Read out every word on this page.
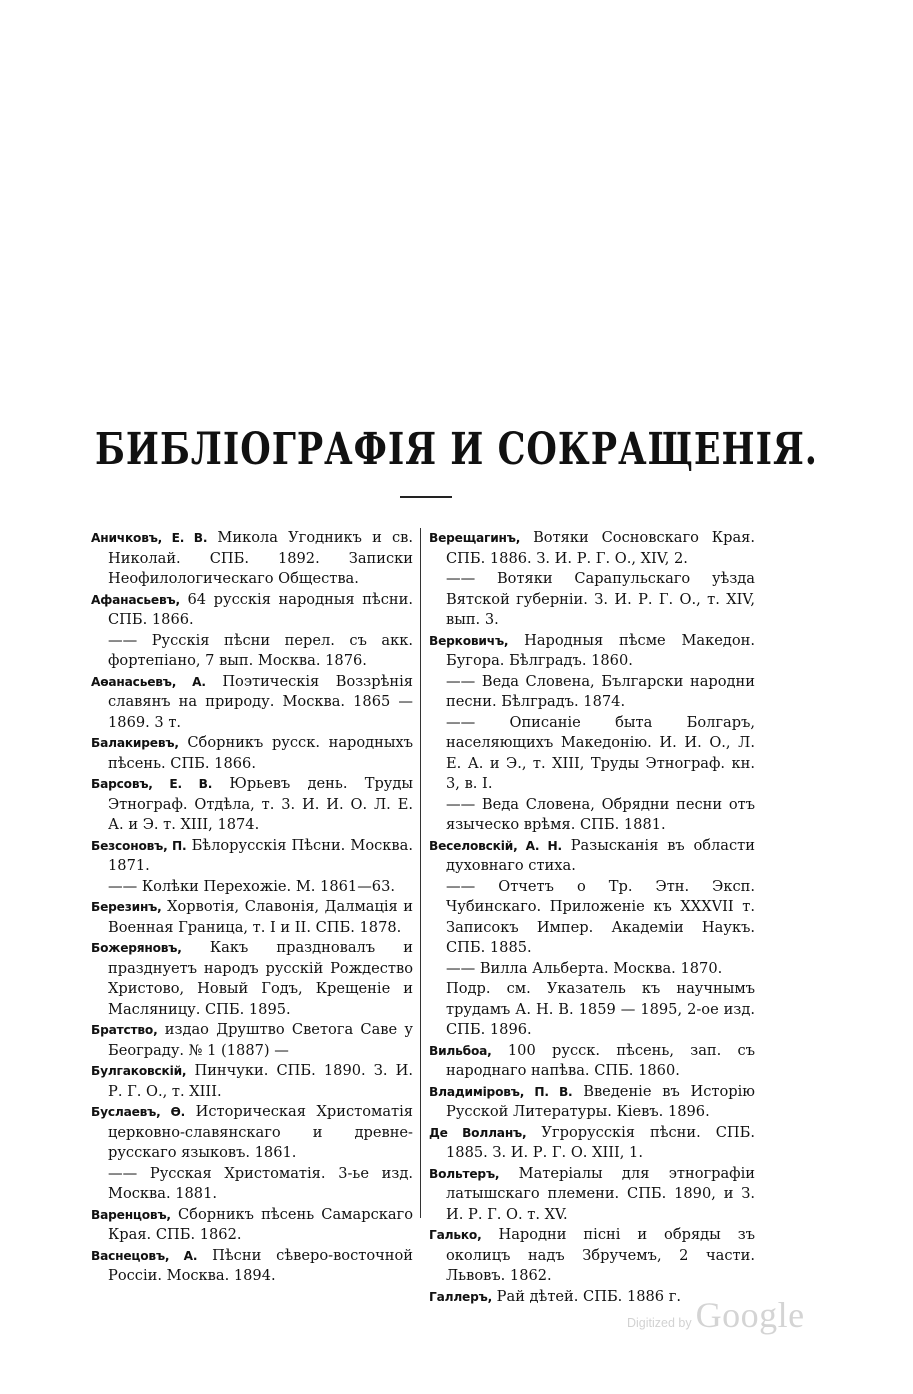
БИБЛІОГРАФІЯ И СОКРАЩЕНІЯ.

Аничковъ, Е. В. Микола Угодникъ и св. Николай. СПБ. 1892. Записки Неофилологическаго Общества.

Афанасьевъ, 64 русскія народныя пѣсни. СПБ. 1866.

—— Русскія пѣсни перел. съ акк. фортепіано, 7 вып. Москва. 1876.

Аѳанасьевъ, А. Поэтическія Воззрѣнія славянъ на природу. Москва. 1865 — 1869. 3 т.

Балакиревъ, Сборникъ русск. народныхъ пѣсень. СПБ. 1866.

Барсовъ, Е. В. Юрьевъ день. Труды Этнограф. Отдѣла, т. 3. И. И. О. Л. Е. А. и Э. т. XIII, 1874.

Безсоновъ, П. Бѣлорусскія Пѣсни. Москва. 1871.

—— Колѣки Перехожіе. М. 1861—63.

Березинъ, Хорвотія, Славонія, Далмація и Военная Граница, т. I и II. СПБ. 1878.

Божеряновъ, Какъ праздновалъ и празднуетъ народъ русскій Рождество Христово, Новый Годъ, Крещеніе и Масляницу. СПБ. 1895.

Братство, издао Друштво Светога Саве у Београду. № 1 (1887) —

Булгаковскій, Пинчуки. СПБ. 1890. З. И. Р. Г. О., т. XIII.

Буслаевъ, Ѳ. Историческая Христоматія церковно-славянскаго и древне-русскаго языковъ. 1861.

—— Русская Христоматія. 3-ье изд. Москва. 1881.

Варенцовъ, Сборникъ пѣсень Самарскаго Края. СПБ. 1862.

Васнецовъ, А. Пѣсни сѣверо-восточной Россіи. Москва. 1894.

Верещагинъ, Вотяки Сосновскаго Края. СПБ. 1886. З. И. Р. Г. О., XIV, 2.

—— Вотяки Сарапульскаго уѣзда Вятской губерніи. З. И. Р. Г. О., т. XIV, вып. 3.

Верковичъ, Народныя пѣсме Македон. Бугора. Бѣлградъ. 1860.

—— Веда Словена, Български народни песни. Бѣлградъ. 1874.

—— Описаніе быта Болгаръ, населяющихъ Македонію. И. И. О., Л. Е. А. и Э., т. XIII, Труды Этнограф. кн. 3, в. I.

—— Веда Словена, Обрядни песни отъ язычеcко врѣмя. СПБ. 1881.

Веселовскій, А. Н. Разысканія въ области духовнаго стиха.

—— Отчетъ о Тр. Этн. Эксп. Чубинскаго. Приложеніе къ XXXVII т. Записокъ Импер. Академіи Наукъ. СПБ. 1885.

—— Вилла Альберта. Москва. 1870.

Подр. см. Указатель къ научнымъ трудамъ А. Н. В. 1859 — 1895, 2-ое изд. СПБ. 1896.

Вильбоа, 100 русск. пѣсень, зап. съ народнаго напѣва. СПБ. 1860.

Владиміровъ, П. В. Введеніе въ Исторію Русской Литературы. Кіевъ. 1896.

Де Волланъ, Угрорусскія пѣсни. СПБ. 1885. З. И. Р. Г. О. XIII, 1.

Вольтеръ, Матеріалы для этнографіи латышскаго племени. СПБ. 1890, и З. И. Р. Г. О. т. XV.

Галько, Народни пісні и обряды зъ околицъ надъ Збручемъ, 2 части. Львовъ. 1862.

Галлеръ, Рай дѣтей. СПБ. 1886 г.

Digitized by Google
